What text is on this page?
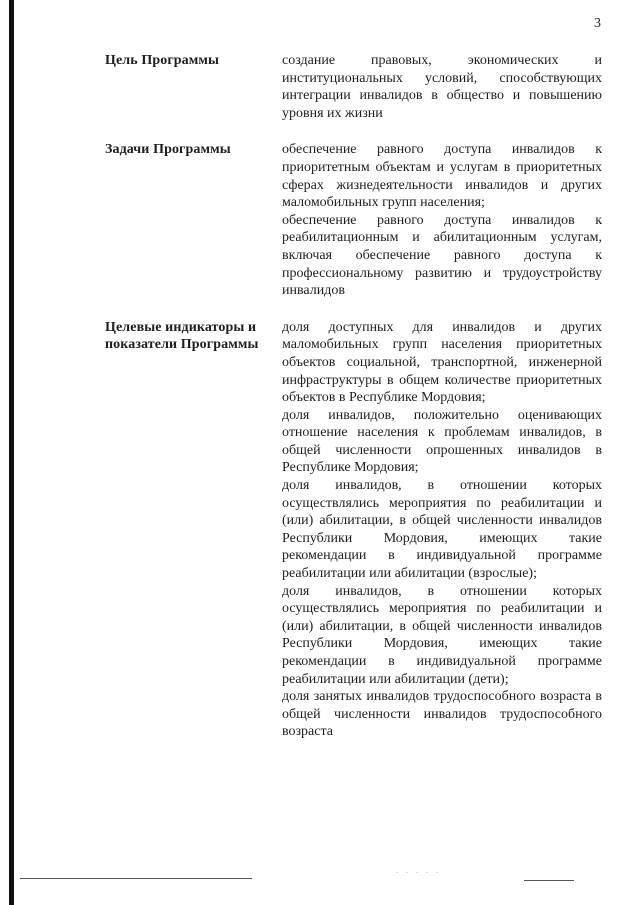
3
Цель Программы	создание правовых, экономических и институциональных условий, способствующих интеграции инвалидов в общество и повышению уровня их жизни
Задачи Программы	обеспечение равного доступа инвалидов к приоритетным объектам и услугам в приоритетных сферах жизнедеятельности инвалидов и других маломобильных групп населения;
обеспечение равного доступа инвалидов к реабилитационным и абилитационным услугам, включая обеспечение равного доступа к профессиональному развитию и трудоустройству инвалидов
Целевые индикаторы и показатели Программы
доля доступных для инвалидов и других маломобильных групп населения приоритетных объектов социальной, транспортной, инженерной инфраструктуры в общем количестве приоритетных объектов в Республике Мордовия;
доля инвалидов, положительно оценивающих отношение населения к проблемам инвалидов, в общей численности опрошенных инвалидов в Республике Мордовия;
доля инвалидов, в отношении которых осуществлялись мероприятия по реабилитации и (или) абилитации, в общей численности инвалидов Республики Мордовия, имеющих такие рекомендации в индивидуальной программе реабилитации или абилитации (взрослые);
доля инвалидов, в отношении которых осуществлялись мероприятия по реабилитации и (или) абилитации, в общей численности инвалидов Республики Мордовия, имеющих такие рекомендации в индивидуальной программе реабилитации или абилитации (дети);
доля занятых инвалидов трудоспособного возраста в общей численности инвалидов трудоспособного возраста
. . . . .
